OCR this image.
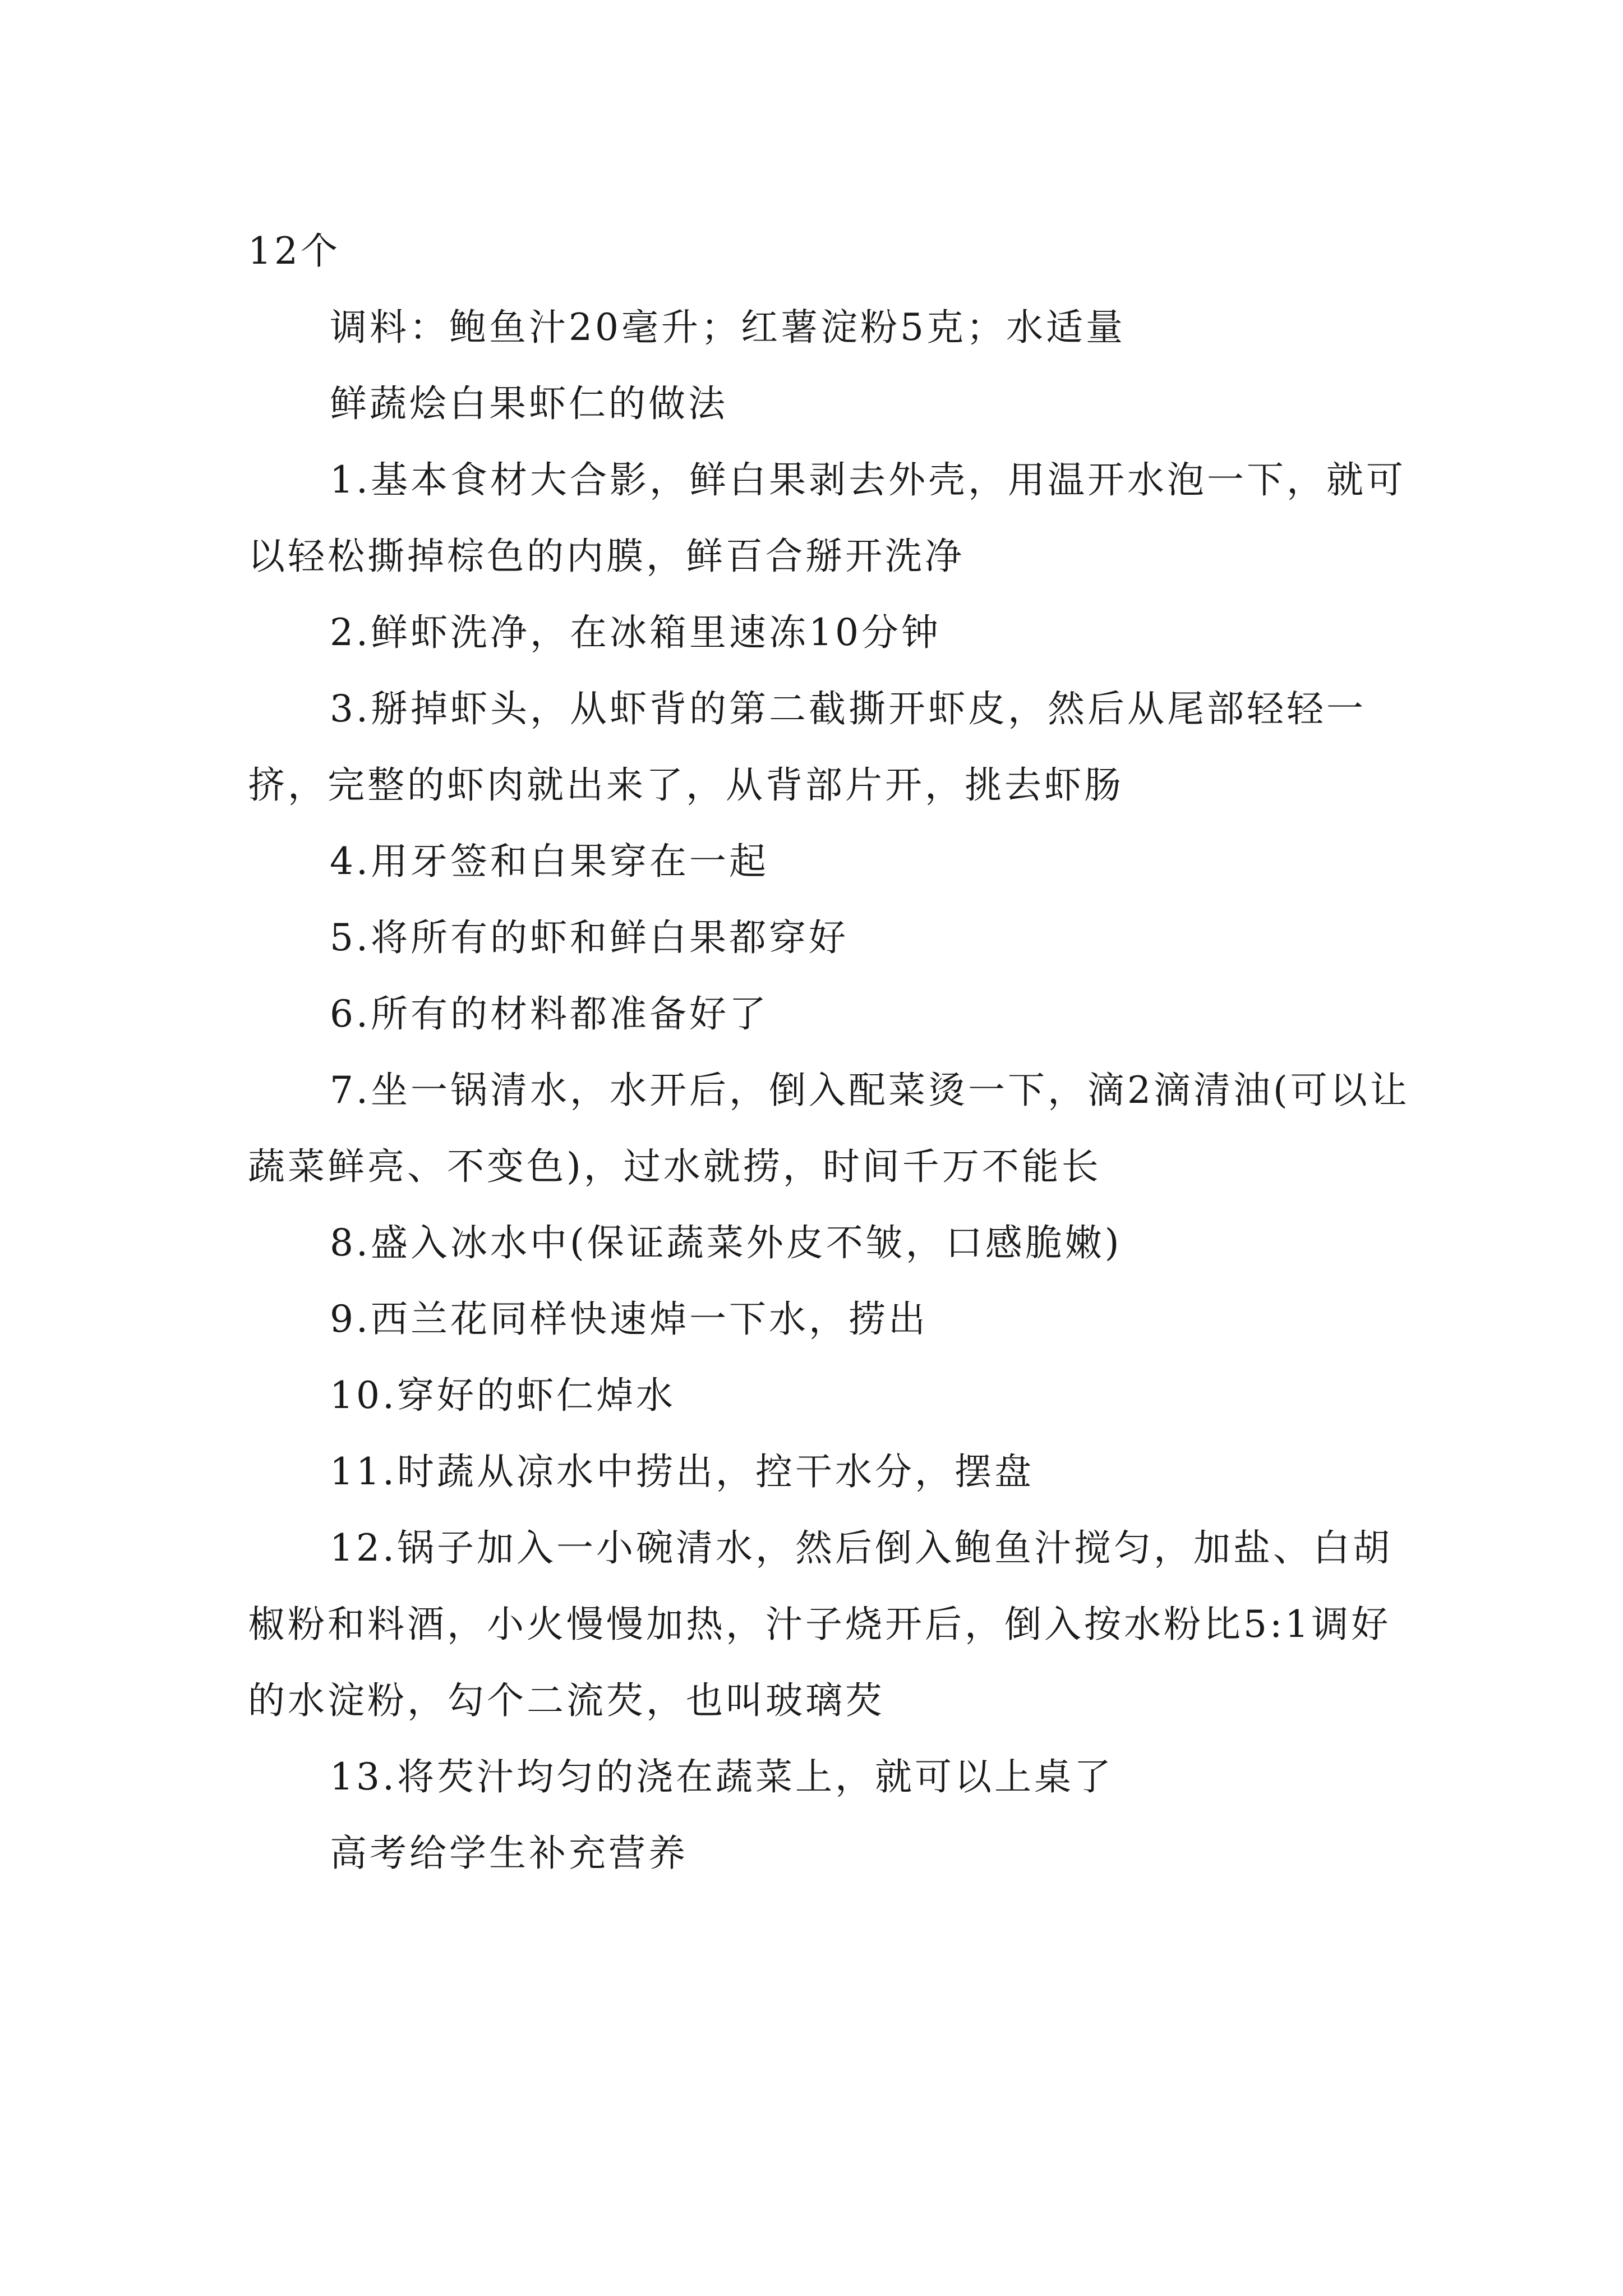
12个

调料：鲍鱼汁20毫升；红薯淀粉5克；水适量

鲜蔬烩白果虾仁的做法

1.基本食材大合影，鲜白果剥去外壳，用温开水泡一下，就可以轻松撕掉棕色的内膜，鲜百合掰开洗净

2.鲜虾洗净，在冰箱里速冻10分钟

3.掰掉虾头，从虾背的第二截撕开虾皮，然后从尾部轻轻一挤，完整的虾肉就出来了，从背部片开，挑去虾肠

4.用牙签和白果穿在一起

5.将所有的虾和鲜白果都穿好

6.所有的材料都准备好了

7.坐一锅清水，水开后，倒入配菜烫一下，滴2滴清油(可以让蔬菜鲜亮、不变色)，过水就捞，时间千万不能长

8.盛入冰水中(保证蔬菜外皮不皱，口感脆嫩)

9.西兰花同样快速焯一下水，捞出

10.穿好的虾仁焯水

11.时蔬从凉水中捞出，控干水分，摆盘

12.锅子加入一小碗清水，然后倒入鲍鱼汁搅匀，加盐、白胡椒粉和料酒，小火慢慢加热，汁子烧开后，倒入按水粉比5:1调好的水淀粉，勾个二流芡，也叫玻璃芡

13.将芡汁均匀的浇在蔬菜上，就可以上桌了

高考给学生补充营养
